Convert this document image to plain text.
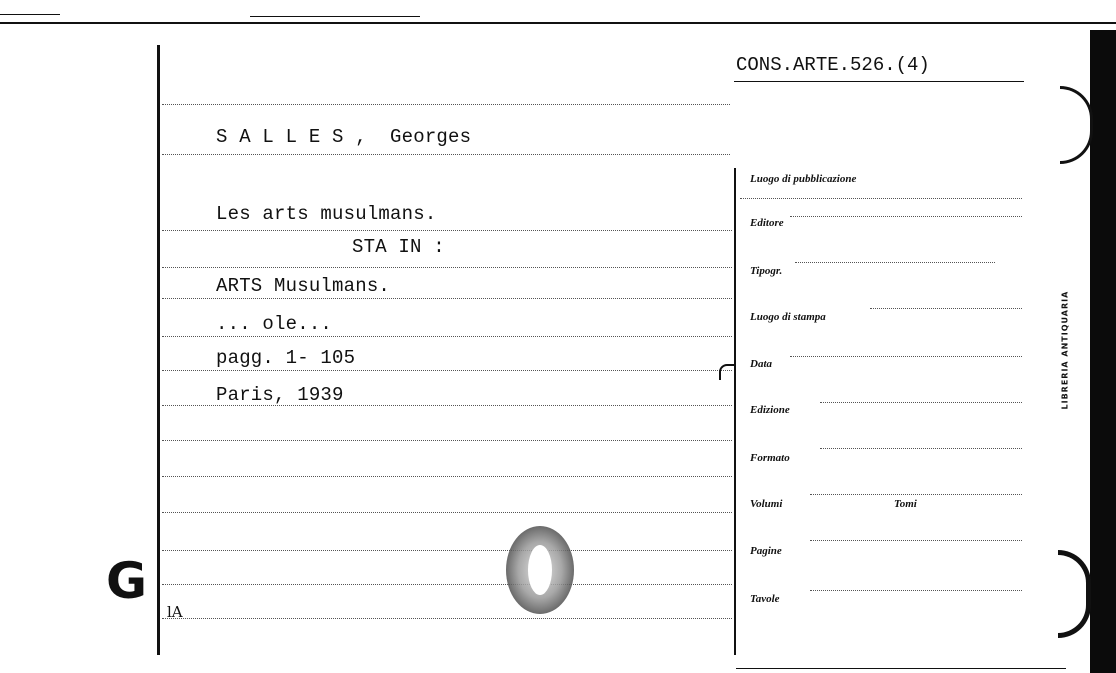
CONS.ARTE.526.(4)
S A L L E S ,  Georges
Les arts musulmans.
STA IN :
ARTS Musulmans.
... ole...
pagg. 1- 105
Paris, 1939
lA
G
Luogo di pubblicazione
Editore
Tipogr.
Luogo di stampa
Data
Edizione
Formato
Volumi	Tomi
Pagine
Tavole
LIBRERIA ANTIQUARIA
